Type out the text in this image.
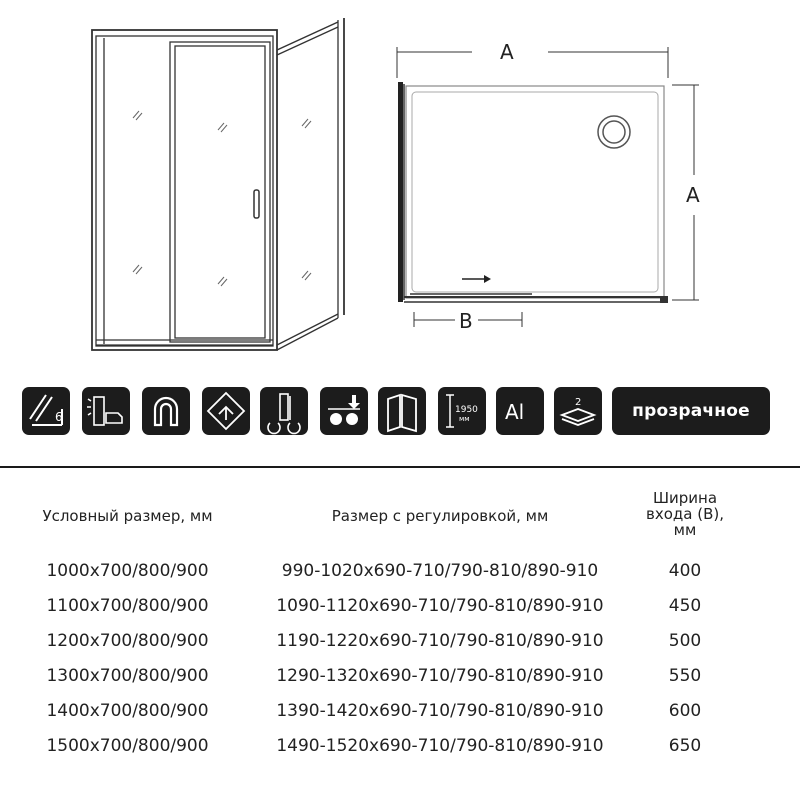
A
A
B
6	1950
мм Al	2	прозрачное
Условный размер, мм	Размер с регулировкой, мм
Ширина
входа (В),
мм
1000x700/800/900	990-1020x690-710/790-810/890-910	400
1100x700/800/900	1090-1120x690-710/790-810/890-910	450
1200x700/800/900	1190-1220x690-710/790-810/890-910	500
1300x700/800/900	1290-1320x690-710/790-810/890-910	550
1400x700/800/900	1390-1420x690-710/790-810/890-910	600
1500x700/800/900	1490-1520x690-710/790-810/890-910	650
